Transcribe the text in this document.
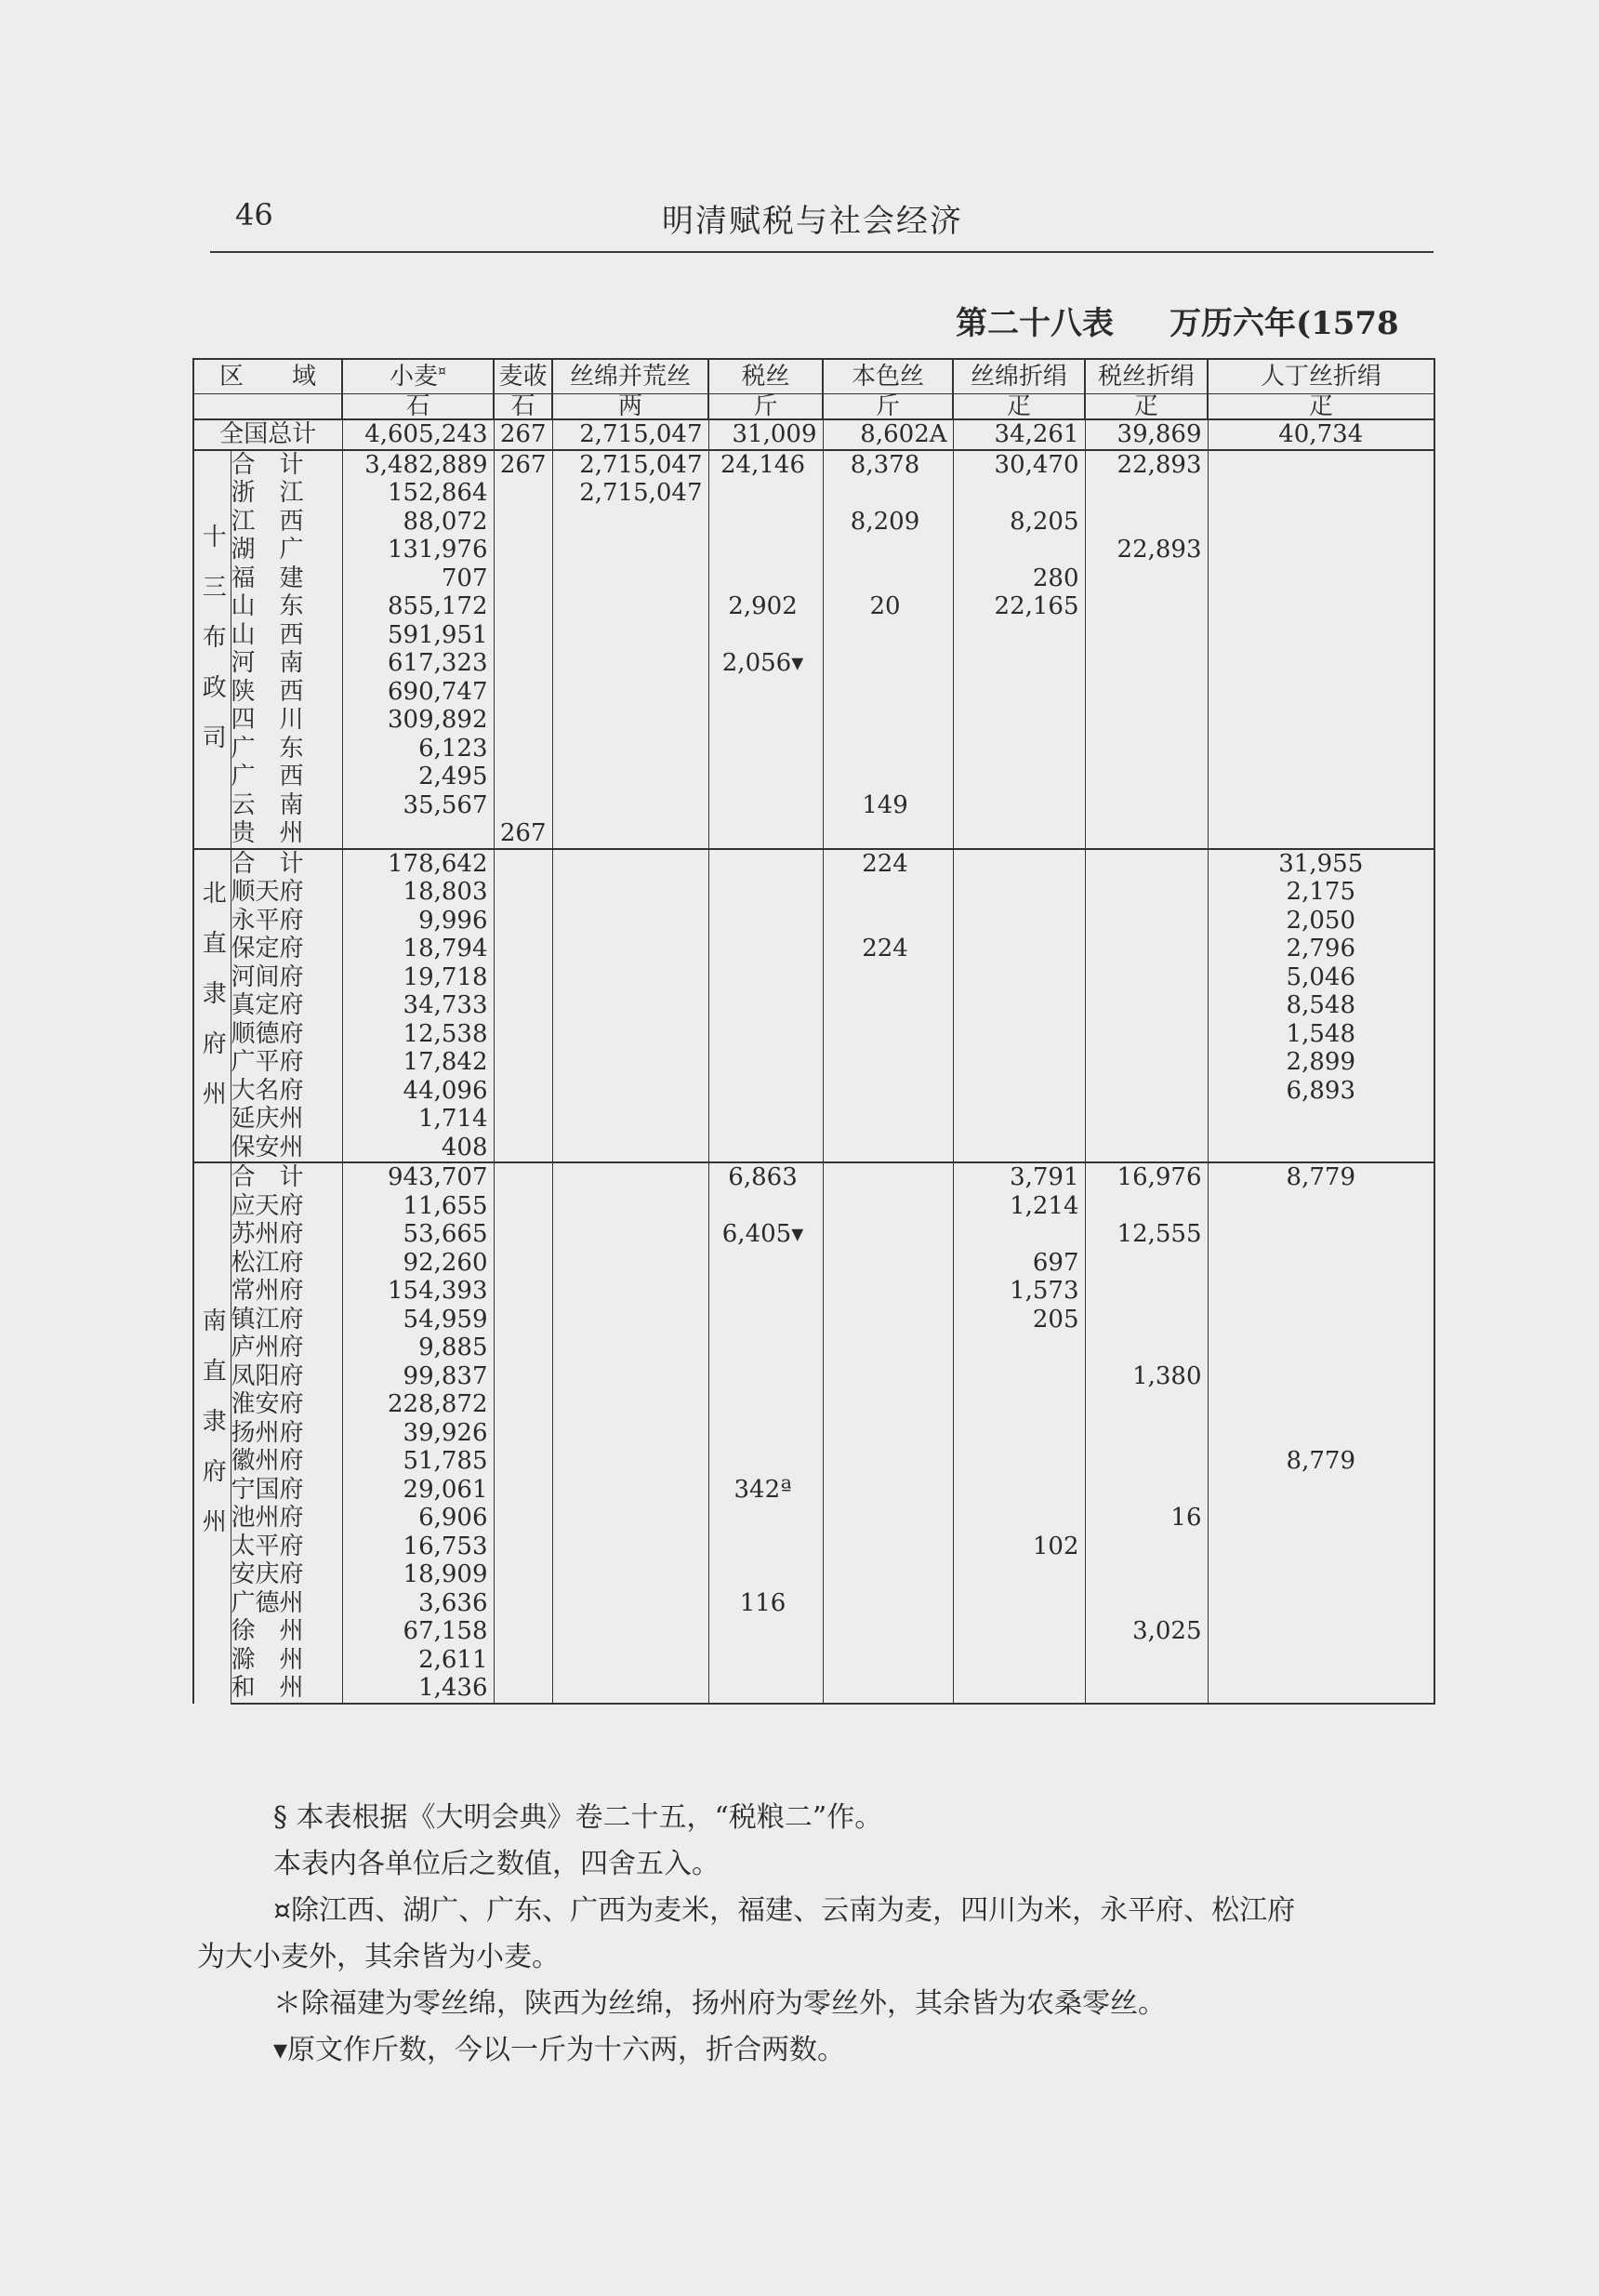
46	明清赋税与社会经济
第二十八表 万历六年(1578
区　　域		小麦¤	麦荍	丝绵并荒丝	税丝	本色丝	丝绵折绢	税丝折绢	人丁丝折绢
		石	石	两	斤	斤	疋	疋	疋
全国总计		4,605,243	267	2,715,047	31,009	8,602A	34,261	39,869	40,734
十三布政司	合　计	3,482,889	267	2,715,047	24,146	8,378	30,470	22,893	
	浙　江	152,864		2,715,047					
	江　西	88,072				8,209	8,205		
	湖　广	131,976						22,893	
	福　建	707					280		
	山　东	855,172			2,902	20	22,165		
	山　西	591,951							
	河　南	617,323			2,056▾				
	陕　西	690,747							
	四　川	309,892							
	广　东	6,123							
	广　西	2,495							
	云　南	35,567				149			
	贵　州		267						
北直隶府州	合　计	178,642				224			31,955
	顺天府	18,803							2,175
	永平府	9,996							2,050
	保定府	18,794				224			2,796
	河间府	19,718							5,046
	真定府	34,733							8,548
	顺德府	12,538							1,548
	广平府	17,842							2,899
	大名府	44,096							6,893
	延庆州	1,714							
	保安州	408							
南直隶府州	合　计	943,707			6,863		3,791	16,976	8,779
	应天府	11,655					1,214		
	苏州府	53,665			6,405▾			12,555	
	松江府	92,260					697		
	常州府	154,393					1,573		
	镇江府	54,959					205		
	庐州府	9,885							
	凤阳府	99,837						1,380	
	淮安府	228,872							
	扬州府	39,926							
	徽州府	51,785							8,779
	宁国府	29,061			342ª				
	池州府	6,906						16	
	太平府	16,753					102		
	安庆府	18,909							
	广德州	3,636			116				
	徐　州	67,158						3,025	
	滁　州	2,611							
	和　州	1,436							
§ 本表根据《大明会典》卷二十五，“税粮二”作。
本表内各单位后之数值，四舍五入。
¤除江西、湖广、广东、广西为麦米，福建、云南为麦，四川为米，永平府、松江府
为大小麦外，其余皆为小麦。
＊除福建为零丝绵，陕西为丝绵，扬州府为零丝外，其余皆为农桑零丝。
▾原文作斤数，今以一斤为十六两，折合两数。
